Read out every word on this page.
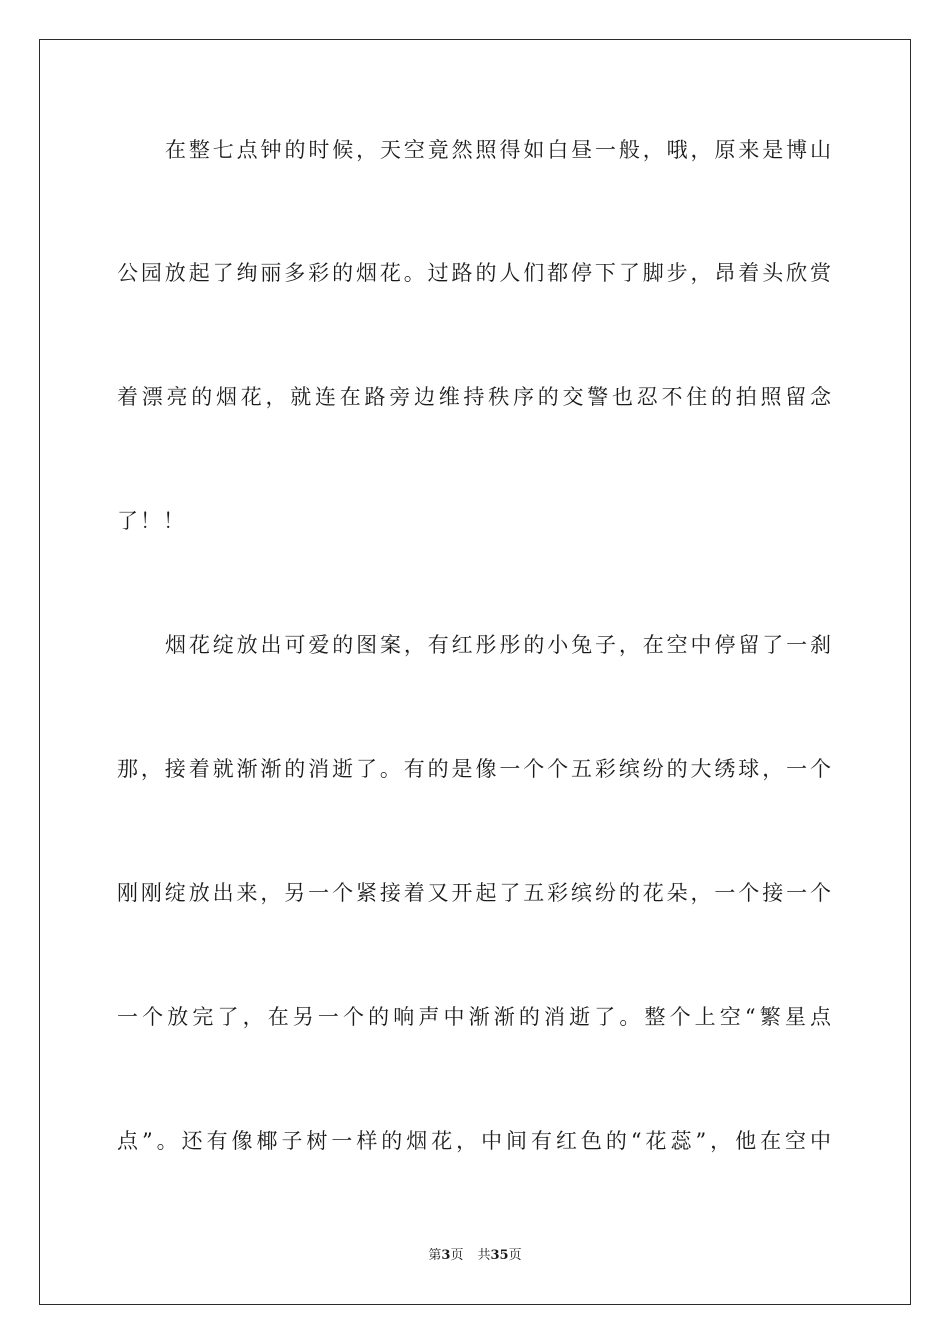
在整七点钟的时候，天空竟然照得如白昼一般，哦，原来是博山
公园放起了绚丽多彩的烟花。过路的人们都停下了脚步，昂着头欣赏
着漂亮的烟花，就连在路旁边维持秩序的交警也忍不住的拍照留念
了！！
烟花绽放出可爱的图案，有红彤彤的小兔子，在空中停留了一刹
那，接着就渐渐的消逝了。有的是像一个个五彩缤纷的大绣球，一个
刚刚绽放出来，另一个紧接着又开起了五彩缤纷的花朵，一个接一个
一个放完了，在另一个的响声中渐渐的消逝了。整个上空“繁星点
点”。还有像椰子树一样的烟花，中间有红色的“花蕊”，他在空中
第3页 共35页
